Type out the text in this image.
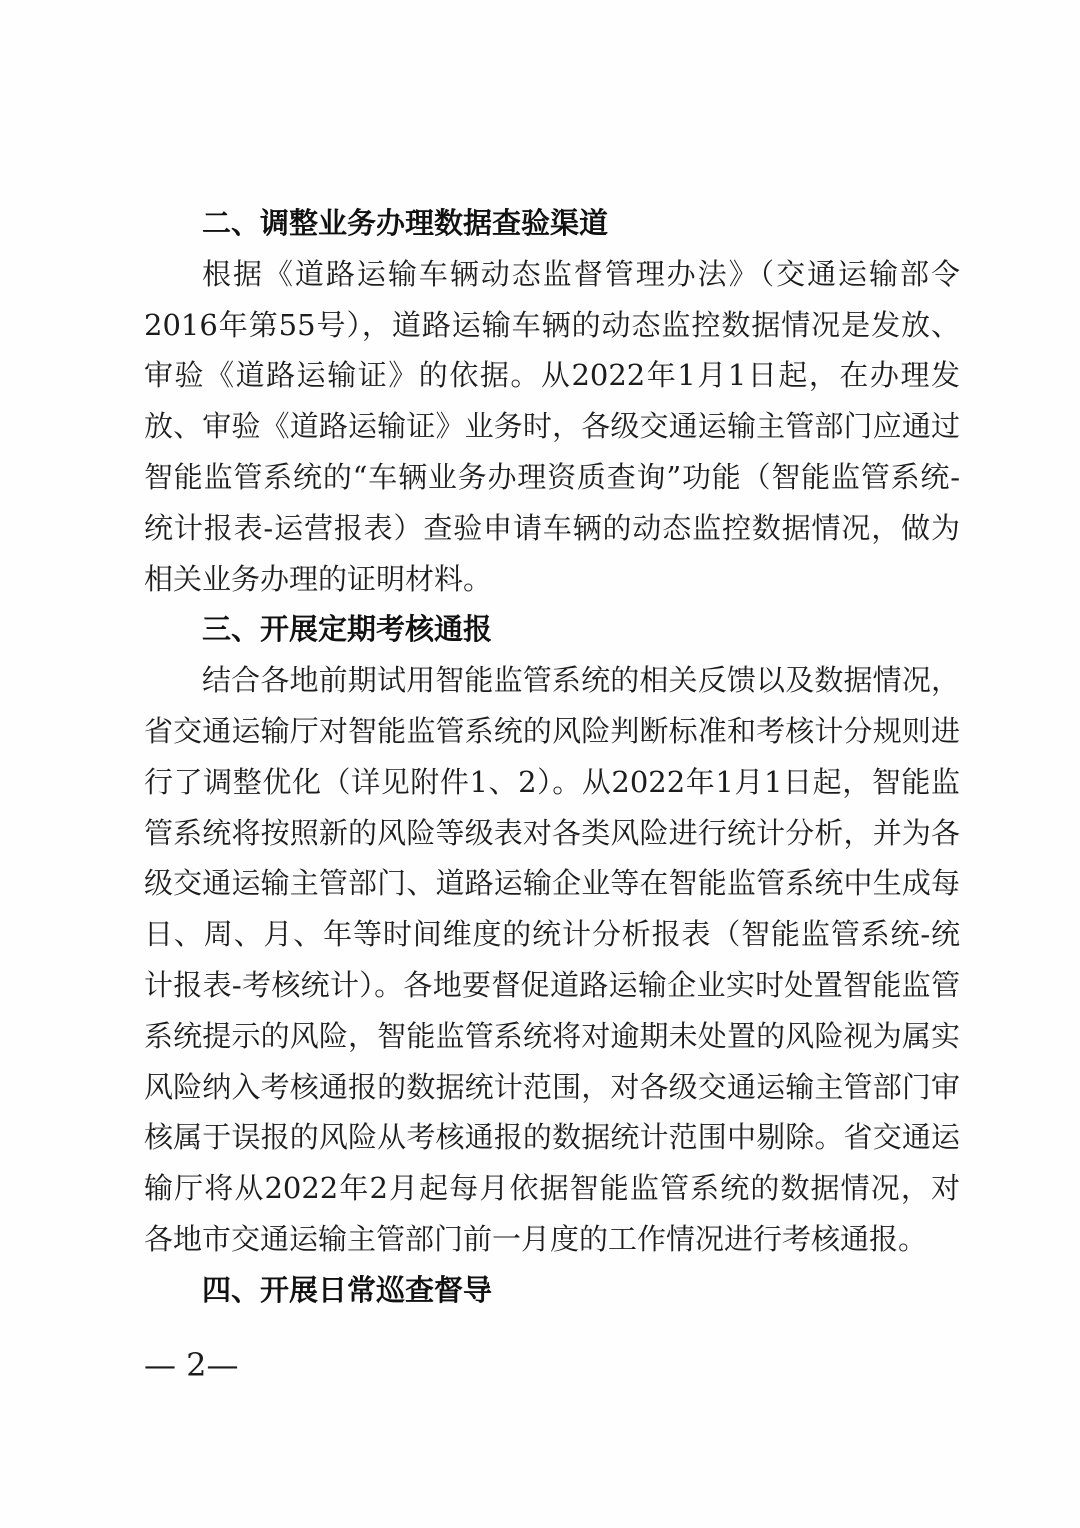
二、调整业务办理数据查验渠道

根据《道路运输车辆动态监督管理办法》（交通运输部令2016年第55号），道路运输车辆的动态监控数据情况是发放、审验《道路运输证》的依据。从2022年1月1日起，在办理发放、审验《道路运输证》业务时，各级交通运输主管部门应通过智能监管系统的“车辆业务办理资质查询”功能（智能监管系统-统计报表-运营报表）查验申请车辆的动态监控数据情况，做为相关业务办理的证明材料。

三、开展定期考核通报

结合各地前期试用智能监管系统的相关反馈以及数据情况，省交通运输厅对智能监管系统的风险判断标准和考核计分规则进行了调整优化（详见附件1、2）。从2022年1月1日起，智能监管系统将按照新的风险等级表对各类风险进行统计分析，并为各级交通运输主管部门、道路运输企业等在智能监管系统中生成每日、周、月、年等时间维度的统计分析报表（智能监管系统-统计报表-考核统计）。各地要督促道路运输企业实时处置智能监管系统提示的风险，智能监管系统将对逾期未处置的风险视为属实风险纳入考核通报的数据统计范围，对各级交通运输主管部门审核属于误报的风险从考核通报的数据统计范围中剔除。省交通运输厅将从2022年2月起每月依据智能监管系统的数据情况，对各地市交通运输主管部门前一月度的工作情况进行考核通报。

四、开展日常巡查督导
— 2—
